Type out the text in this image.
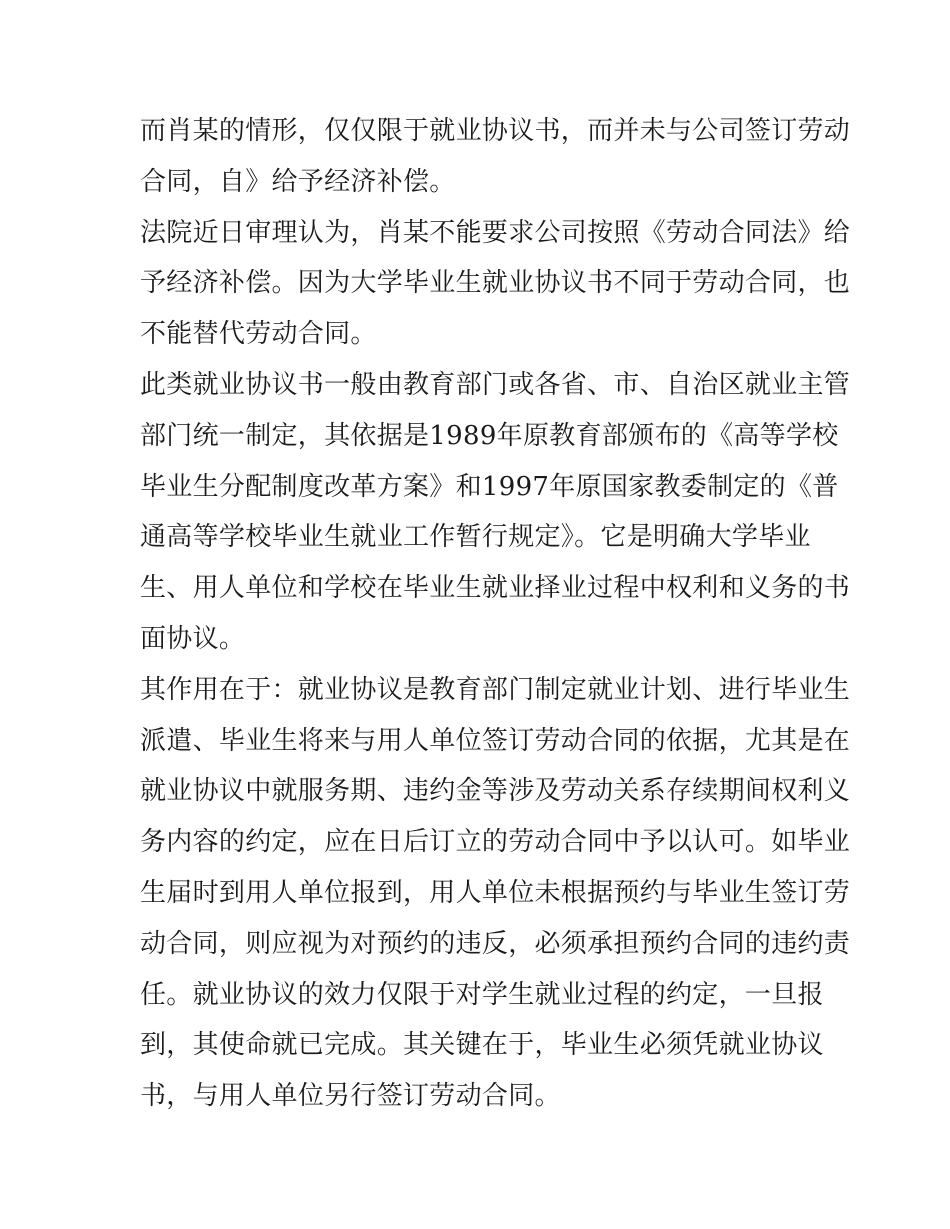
而肖某的情形，仅仅限于就业协议书，而并未与公司签订劳动
合同，自》给予经济补偿。
法院近日审理认为，肖某不能要求公司按照《劳动合同法》给
予经济补偿。因为大学毕业生就业协议书不同于劳动合同，也
不能替代劳动合同。
此类就业协议书一般由教育部门或各省、市、自治区就业主管
部门统一制定，其依据是1989年原教育部颁布的《高等学校
毕业生分配制度改革方案》和1997年原国家教委制定的《普
通高等学校毕业生就业工作暂行规定》。它是明确大学毕业
生、用人单位和学校在毕业生就业择业过程中权利和义务的书
面协议。
其作用在于：就业协议是教育部门制定就业计划、进行毕业生
派遣、毕业生将来与用人单位签订劳动合同的依据，尤其是在
就业协议中就服务期、违约金等涉及劳动关系存续期间权利义
务内容的约定，应在日后订立的劳动合同中予以认可。如毕业
生届时到用人单位报到，用人单位未根据预约与毕业生签订劳
动合同，则应视为对预约的违反，必须承担预约合同的违约责
任。就业协议的效力仅限于对学生就业过程的约定，一旦报
到，其使命就已完成。其关键在于，毕业生必须凭就业协议
书，与用人单位另行签订劳动合同。
